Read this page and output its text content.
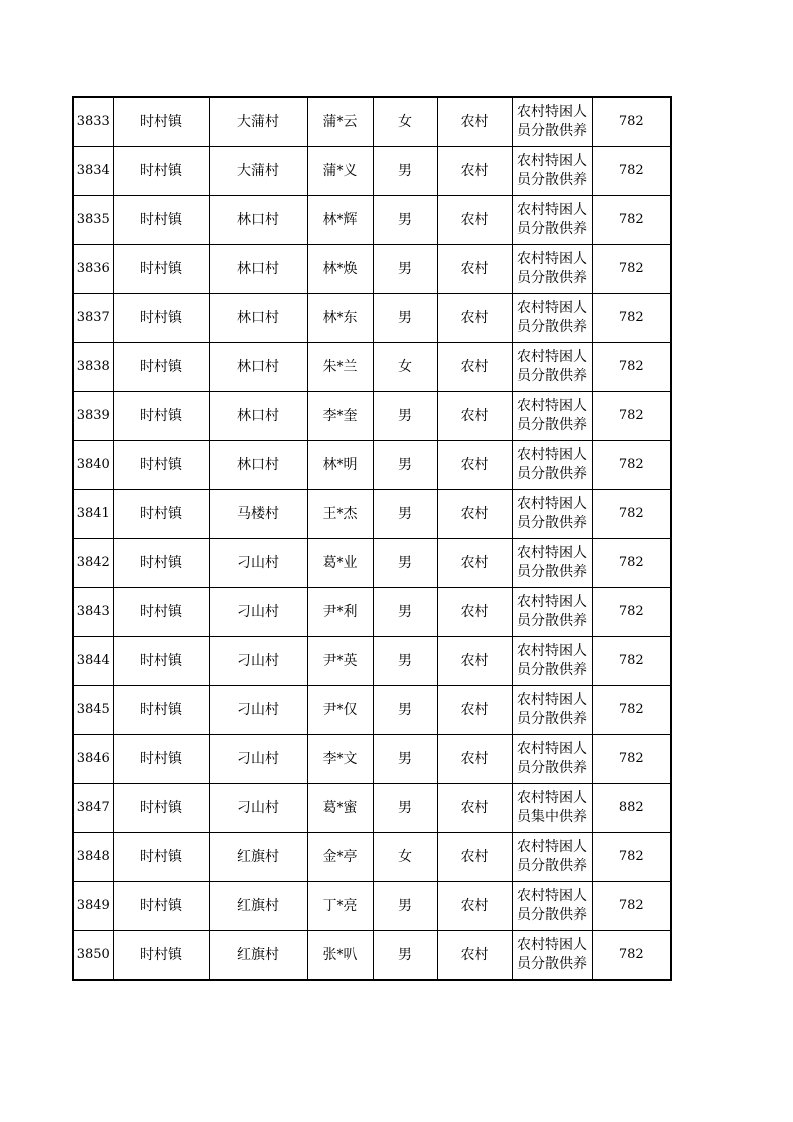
3833	时村镇	大蒲村	蒲*云	女	农村	农村特困人员分散供养	782
3834	时村镇	大蒲村	蒲*义	男	农村	农村特困人员分散供养	782
3835	时村镇	林口村	林*辉	男	农村	农村特困人员分散供养	782
3836	时村镇	林口村	林*焕	男	农村	农村特困人员分散供养	782
3837	时村镇	林口村	林*东	男	农村	农村特困人员分散供养	782
3838	时村镇	林口村	朱*兰	女	农村	农村特困人员分散供养	782
3839	时村镇	林口村	李*奎	男	农村	农村特困人员分散供养	782
3840	时村镇	林口村	林*明	男	农村	农村特困人员分散供养	782
3841	时村镇	马楼村	王*杰	男	农村	农村特困人员分散供养	782
3842	时村镇	刁山村	葛*业	男	农村	农村特困人员分散供养	782
3843	时村镇	刁山村	尹*利	男	农村	农村特困人员分散供养	782
3844	时村镇	刁山村	尹*英	男	农村	农村特困人员分散供养	782
3845	时村镇	刁山村	尹*仅	男	农村	农村特困人员分散供养	782
3846	时村镇	刁山村	李*文	男	农村	农村特困人员分散供养	782
3847	时村镇	刁山村	葛*蜜	男	农村	农村特困人员集中供养	882
3848	时村镇	红旗村	金*亭	女	农村	农村特困人员分散供养	782
3849	时村镇	红旗村	丁*亮	男	农村	农村特困人员分散供养	782
3850	时村镇	红旗村	张*叭	男	农村	农村特困人员分散供养	782
